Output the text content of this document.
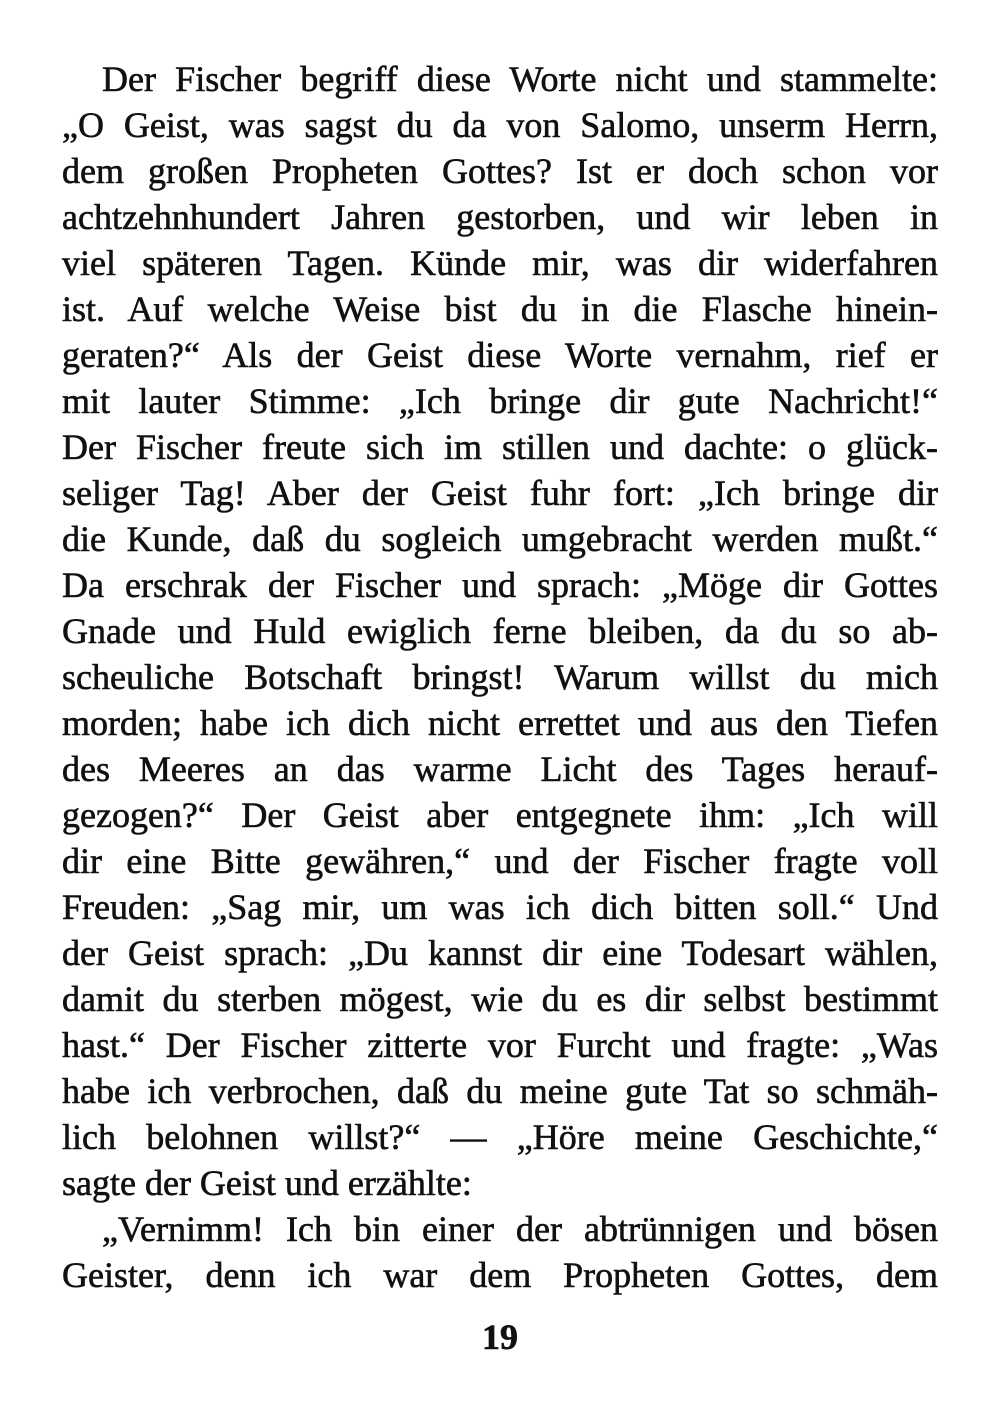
Der Fischer begriff diese Worte nicht und stammelte:
„O Geist, was sagst du da von Salomo, unserm Herrn,
dem großen Propheten Gottes? Ist er doch schon vor
achtzehnhundert Jahren gestorben, und wir leben in
viel späteren Tagen. Künde mir, was dir widerfahren
ist. Auf welche Weise bist du in die Flasche hinein-
geraten?“ Als der Geist diese Worte vernahm, rief er
mit lauter Stimme: „Ich bringe dir gute Nachricht!“
Der Fischer freute sich im stillen und dachte: o glück-
seliger Tag! Aber der Geist fuhr fort: „Ich bringe dir
die Kunde, daß du sogleich umgebracht werden mußt.“
Da erschrak der Fischer und sprach: „Möge dir Gottes
Gnade und Huld ewiglich ferne bleiben, da du so ab-
scheuliche Botschaft bringst! Warum willst du mich
morden; habe ich dich nicht errettet und aus den Tiefen
des Meeres an das warme Licht des Tages herauf-
gezogen?“ Der Geist aber entgegnete ihm: „Ich will
dir eine Bitte gewähren,“ und der Fischer fragte voll
Freuden: „Sag mir, um was ich dich bitten soll.“ Und
der Geist sprach: „Du kannst dir eine Todesart wählen,
damit du sterben mögest, wie du es dir selbst bestimmt
hast.“ Der Fischer zitterte vor Furcht und fragte: „Was
habe ich verbrochen, daß du meine gute Tat so schmäh-
lich belohnen willst?“ — „Höre meine Geschichte,“
sagte der Geist und erzählte:
„Vernimm! Ich bin einer der abtrünnigen und bösen
Geister, denn ich war dem Propheten Gottes, dem
19
